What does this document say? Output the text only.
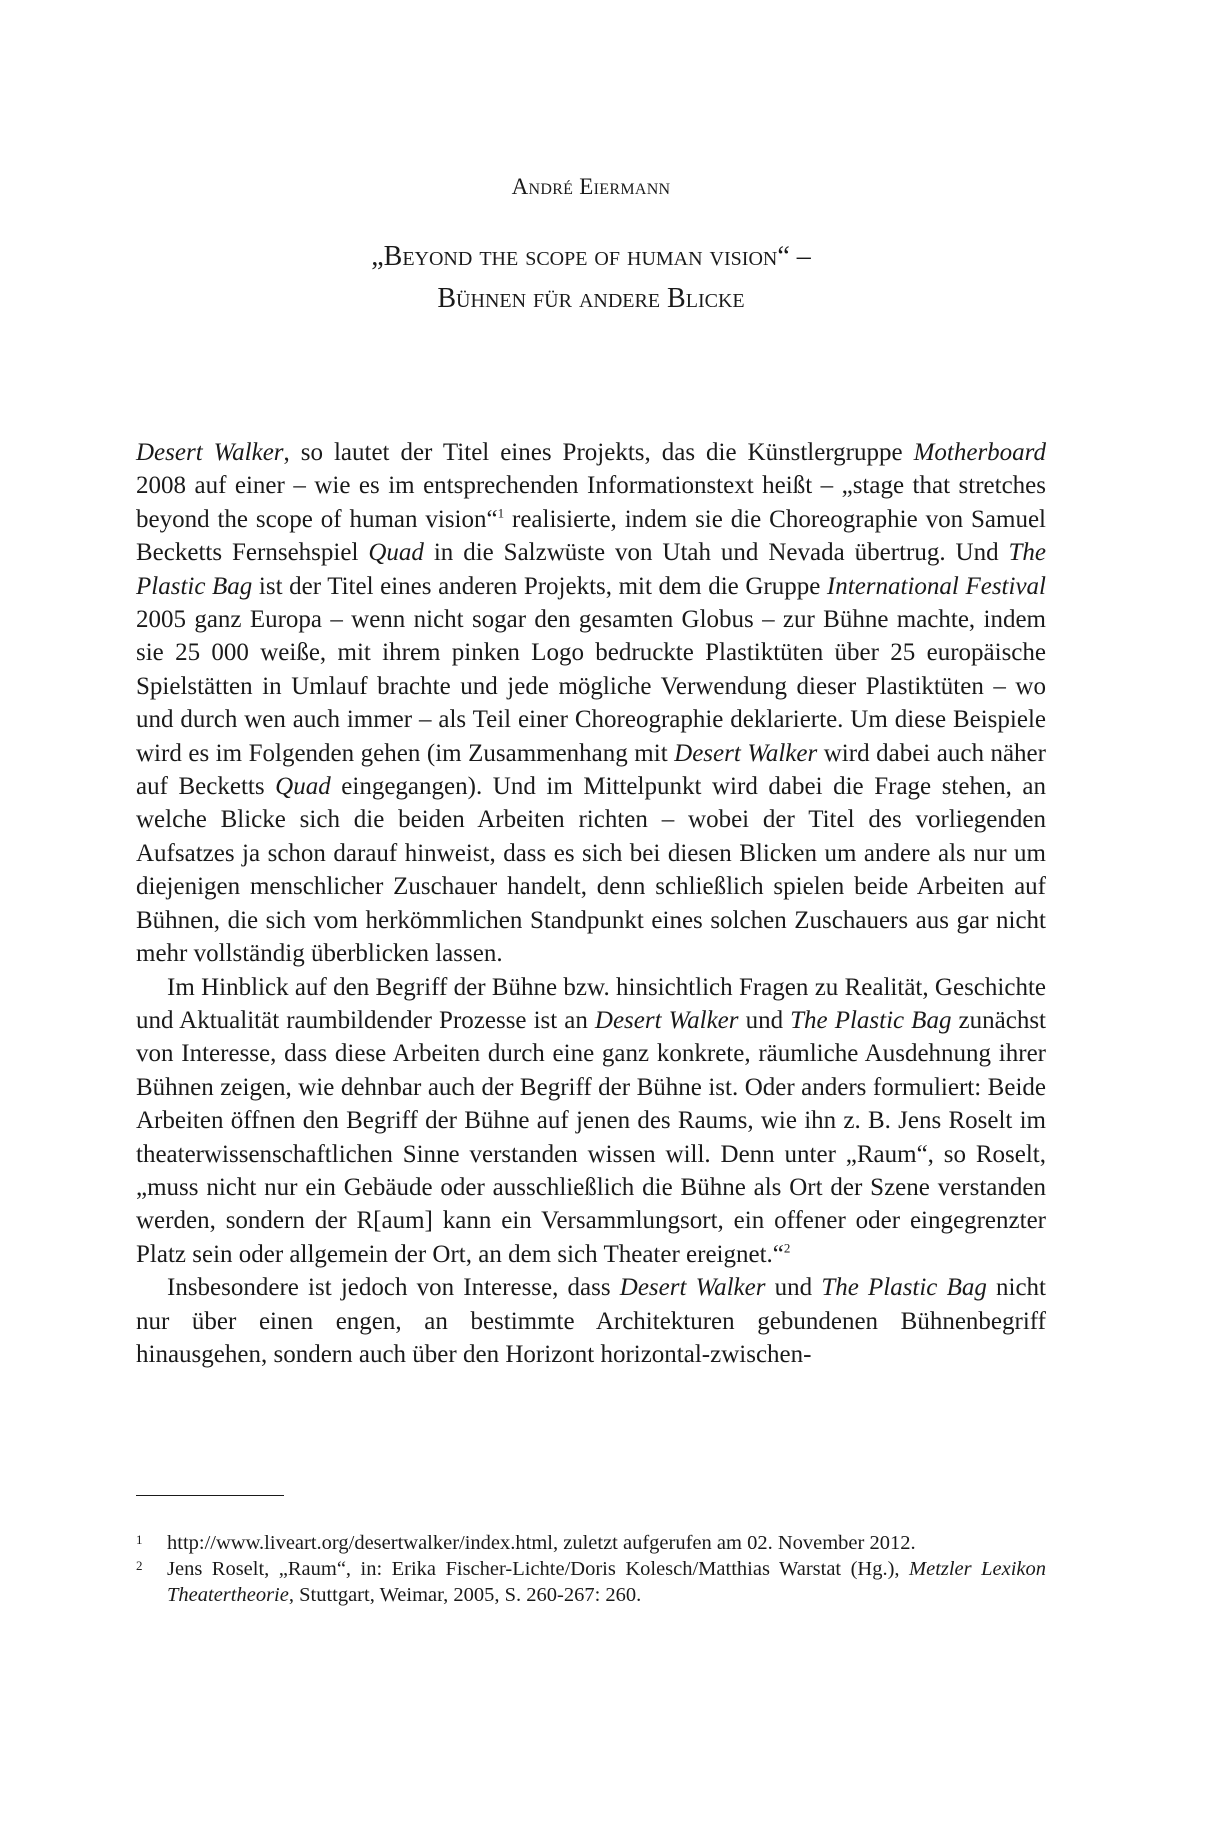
André Eiermann
„Beyond the scope of human vision“ –
Bühnen für andere Blicke

Desert Walker, so lautet der Titel eines Projekts, das die Künstlergruppe Motherboard 2008 auf einer – wie es im entsprechenden Informationstext heißt – „stage that stretches beyond the scope of human vision“$^1$ realisierte, indem sie die Choreographie von Samuel Becketts Fernsehspiel Quad in die Salzwüste von Utah und Nevada übertrug. Und The Plastic Bag ist der Titel eines anderen Projekts, mit dem die Gruppe International Festival 2005 ganz Europa – wenn nicht sogar den gesamten Globus – zur Bühne machte, indem sie 25 000 weiße, mit ihrem pinken Logo bedruckte Plastiktüten über 25 europäische Spielstätten in Umlauf brachte und jede mögliche Verwendung dieser Plastiktüten – wo und durch wen auch immer – als Teil einer Choreographie deklarierte. Um diese Beispiele wird es im Folgenden gehen (im Zusammenhang mit Desert Walker wird dabei auch näher auf Becketts Quad eingegangen). Und im Mittelpunkt wird dabei die Frage stehen, an welche Blicke sich die beiden Arbeiten richten – wobei der Titel des vorliegenden Aufsatzes ja schon darauf hinweist, dass es sich bei diesen Blicken um andere als nur um diejenigen menschlicher Zuschauer handelt, denn schließlich spielen beide Arbeiten auf Bühnen, die sich vom herkömmlichen Standpunkt eines solchen Zuschauers aus gar nicht mehr vollständig überblicken lassen.

Im Hinblick auf den Begriff der Bühne bzw. hinsichtlich Fragen zu Realität, Geschichte und Aktualität raumbildender Prozesse ist an Desert Walker und The Plastic Bag zunächst von Interesse, dass diese Arbeiten durch eine ganz konkrete, räumliche Ausdehnung ihrer Bühnen zeigen, wie dehnbar auch der Begriff der Bühne ist. Oder anders formuliert: Beide Arbeiten öffnen den Begriff der Bühne auf jenen des Raums, wie ihn z. B. Jens Roselt im theaterwissenschaftlichen Sinne verstanden wissen will. Denn unter „Raum“, so Roselt, „muss nicht nur ein Gebäude oder ausschließlich die Bühne als Ort der Szene verstanden werden, sondern der R[aum] kann ein Versammlungsort, ein offener oder eingegrenzter Platz sein oder allgemein der Ort, an dem sich Theater ereignet.“$^2$

Insbesondere ist jedoch von Interesse, dass Desert Walker und The Plastic Bag nicht nur über einen engen, an bestimmte Architekturen gebundenen Bühnenbegriff hinausgehen, sondern auch über den Horizont horizontal-zwischen-

1	http://www.liveart.org/desertwalker/index.html, zuletzt aufgerufen am 02. November 2012.
2	Jens Roselt, „Raum“, in: Erika Fischer-Lichte/Doris Kolesch/Matthias Warstat (Hg.), Metzler Lexikon Theatertheorie, Stuttgart, Weimar, 2005, S. 260-267: 260.
